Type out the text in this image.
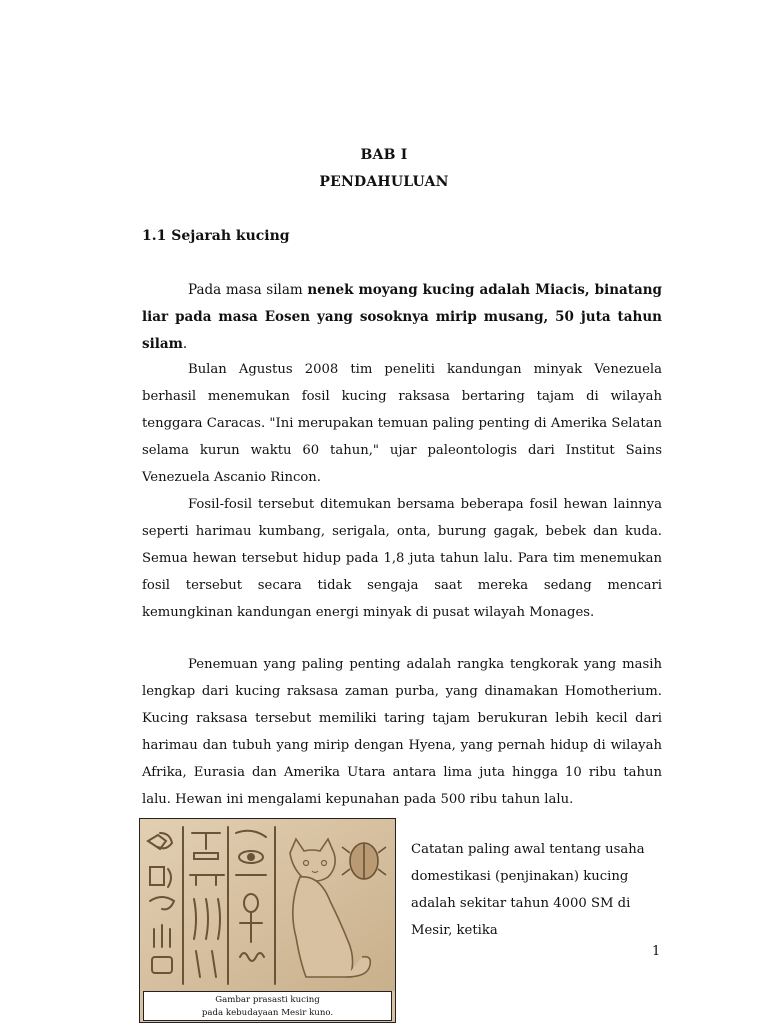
BAB I
PENDAHULUAN
1.1 Sejarah kucing
Pada masa silam nenek moyang kucing adalah Miacis, binatang liar pada masa Eosen yang sosoknya mirip musang, 50 juta tahun silam.
Bulan Agustus 2008 tim peneliti kandungan minyak Venezuela berhasil menemukan fosil kucing raksasa bertaring tajam di wilayah tenggara Caracas. "Ini merupakan temuan paling penting di Amerika Selatan selama kurun waktu 60 tahun," ujar paleontologis dari Institut Sains Venezuela Ascanio Rincon.
Fosil-fosil tersebut ditemukan bersama beberapa fosil hewan lainnya seperti harimau kumbang, serigala, onta, burung gagak, bebek dan kuda. Semua hewan tersebut hidup pada 1,8 juta tahun lalu. Para tim menemukan fosil tersebut secara tidak sengaja saat mereka sedang mencari kemungkinan kandungan energi minyak di pusat wilayah Monages.
Penemuan yang paling penting adalah rangka tengkorak yang masih lengkap dari kucing raksasa zaman purba, yang dinamakan Homotherium. Kucing raksasa tersebut memiliki taring tajam berukuran lebih kecil dari harimau dan tubuh yang mirip dengan Hyena, yang pernah hidup di wilayah Afrika, Eurasia dan Amerika Utara antara lima juta hingga 10 ribu tahun lalu. Hewan ini mengalami kepunahan pada 500 ribu tahun lalu.
Gambar prasasti kucing
pada kebudayaan Mesir kuno.
Catatan paling awal tentang usaha domestikasi (penjinakan) kucing adalah sekitar tahun 4000 SM di Mesir, ketika
1
